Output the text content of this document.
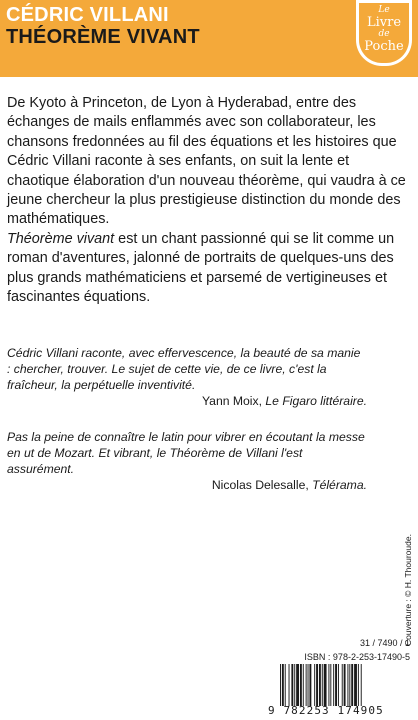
CÉDRIC VILLANI
THÉORÈME VIVANT
Le
Livre
de
Poche

De Kyoto à Princeton, de Lyon à Hyderabad, entre des échanges de mails enflammés avec son collaborateur, les chansons fredonnées au fil des équations et les histoires que Cédric Villani raconte à ses enfants, on suit la lente et chaotique élaboration d'un nouveau théorème, qui vaudra à ce jeune chercheur la plus prestigieuse distinction du monde des mathématiques.

Théorème vivant est un chant passionné qui se lit comme un roman d'aventures, jalonné de portraits de quelques-uns des plus grands mathématiciens et parsemé de vertigineuses et fascinantes équations.

Cédric Villani raconte, avec effervescence, la beauté de sa manie : chercher, trouver. Le sujet de cette vie, de ce livre, c'est la fraîcheur, la perpétuelle inventivité.

Yann Moix, Le Figaro littéraire.

Pas la peine de connaître le latin pour vibrer en écoutant la messe en ut de Mozart. Et vibrant, le Théorème de Villani l'est assurément.

Nicolas Delesalle, Télérama.

Couverture : © H. Thouroude.
31 / 7490 / 1
ISBN : 978-2-253-17490-5
9 782253 174905
